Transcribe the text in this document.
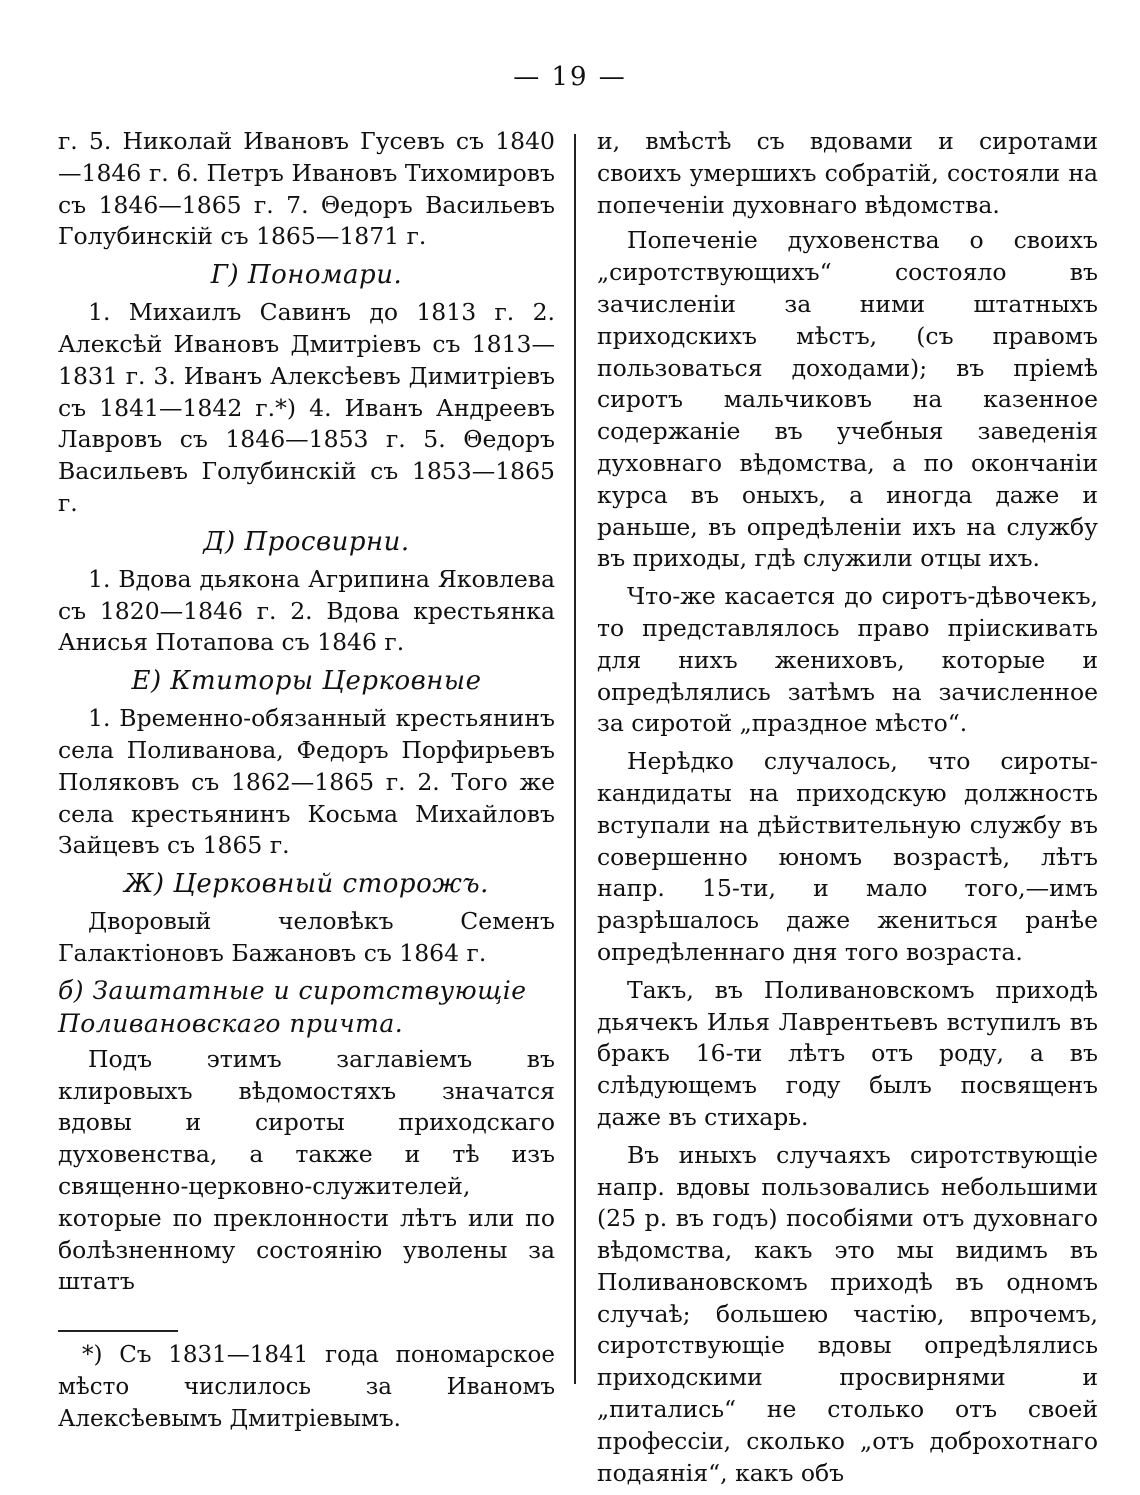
— 19 —

г. 5. Николай Ивановъ Гусевъ съ 1840 —1846 г. 6. Петръ Ивановъ Тихомировъ съ 1846—1865 г. 7. Θедоръ Васильевъ Голубинскій съ 1865—1871 г.

Г) Пономари.

1. Михаилъ Савинъ до 1813 г. 2. Алексѣй Ивановъ Дмитріевъ съ 1813—1831 г. 3. Иванъ Алексѣевъ Димитріевъ съ 1841—1842 г.*) 4. Иванъ Андреевъ Лавровъ съ 1846—1853 г. 5. Θедоръ Васильевъ Голубинскій съ 1853—1865 г.

Д) Просвирни.

1. Вдова дьякона Агрипина Яковлева съ 1820—1846 г. 2. Вдова крестьянка Анисья Потапова съ 1846 г.

Е) Ктиторы Церковные

1. Временно-обязанный крестьянинъ села Поливанова, Федоръ Порфирьевъ Поляковъ съ 1862—1865 г. 2. Того же села крестьянинъ Косьма Михайловъ Зайцевъ съ 1865 г.

Ж) Церковный сторожъ.

Дворовый человѣкъ Семенъ Галактіоновъ Бажановъ съ 1864 г.

б) Заштатные и сиротствующіе Поливановскаго причта.

Подъ этимъ заглавіемъ въ клировыхъ вѣдомостяхъ значатся вдовы и сироты приходскаго духовенства, а также и тѣ изъ священно-церковно-служителей, которые по преклонности лѣтъ или по болѣзненному состоянію уволены за штатъ

*) Съ 1831—1841 года пономарское мѣсто числилось за Иваномъ Алексѣевымъ Дмитріевымъ.

и, вмѣстѣ съ вдовами и сиротами своихъ умершихъ собратій, состояли на попеченіи духовнаго вѣдомства.

Попеченіе духовенства о своихъ „сиротствующихъ“ состояло въ зачисленіи за ними штатныхъ приходскихъ мѣстъ, (съ правомъ пользоваться доходами); въ пріемѣ сиротъ мальчиковъ на казенное содержаніе въ учебныя заведенія духовнаго вѣдомства, а по окончаніи курса въ оныхъ, а иногда даже и раньше, въ опредѣленіи ихъ на службу въ приходы, гдѣ служили отцы ихъ.

Что-же касается до сиротъ-дѣвочекъ, то представлялось право пріискивать для нихъ жениховъ, которые и опредѣлялись затѣмъ на зачисленное за сиротой „праздное мѣсто“.

Нерѣдко случалось, что сироты-кандидаты на приходскую должность вступали на дѣйствительную службу въ совершенно юномъ возрастѣ, лѣтъ напр. 15-ти, и мало того,—имъ разрѣшалось даже жениться ранѣе опредѣленнаго дня того возраста.

Такъ, въ Поливановскомъ приходѣ дьячекъ Илья Лаврентьевъ вступилъ въ бракъ 16-ти лѣтъ отъ роду, а въ слѣдующемъ году былъ посвященъ даже въ стихарь.

Въ иныхъ случаяхъ сиротствующіе напр. вдовы пользовались небольшими (25 р. въ годъ) пособіями отъ духовнаго вѣдомства, какъ это мы видимъ въ Поливановскомъ приходѣ въ одномъ случаѣ; большею частію, впрочемъ, сиротствующіе вдовы опредѣлялись приходскими просвирнями и „питались“ не столько отъ своей профессіи, сколько „отъ доброхотнаго подаянія“, какъ объ
